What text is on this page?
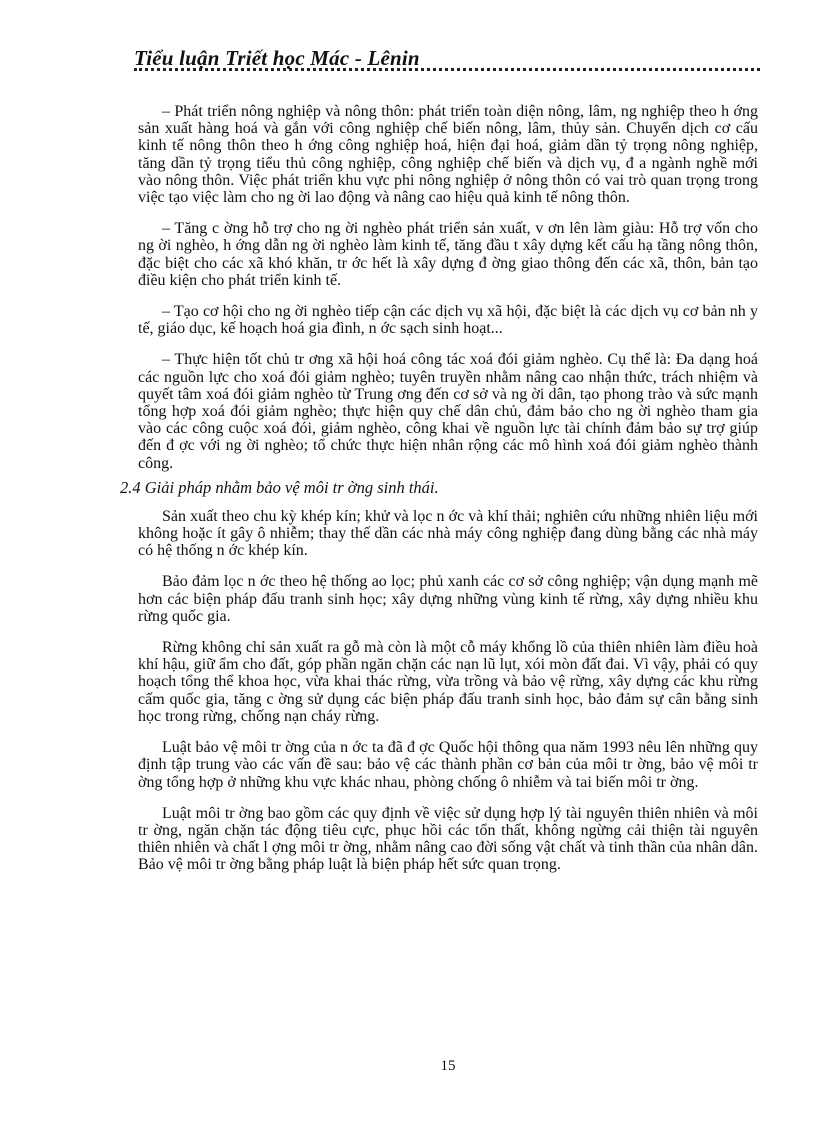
Tiểu luận Triết học Mác - Lênin

– Phát triển nông nghiệp và nông thôn: phát triển toàn diện nông, lâm, ng nghiệp theo h ớng sản xuất hàng hoá và gắn với công nghiệp chế biến nông, lâm, thủy sản. Chuyển dịch cơ cấu kinh tế nông thôn theo h ớng công nghiệp hoá, hiện đại hoá, giảm dần tỷ trọng nông nghiệp, tăng dần tỷ trọng tiểu thủ công nghiệp, công nghiệp chế biến và dịch vụ, đ a ngành nghề mới vào nông thôn. Việc phát triển khu vực phi nông nghiệp ở nông thôn có vai trò quan trọng trong việc tạo việc làm cho ng ời lao động và nâng cao hiệu quả kinh tế nông thôn.

– Tăng c ờng hỗ trợ cho ng ời nghèo phát triển sản xuất, v ơn lên làm giàu: Hỗ trợ vốn cho ng ời nghèo, h ớng dẫn ng ời nghèo làm kinh tế, tăng đầu t xây dựng kết cấu hạ tầng nông thôn, đặc biệt cho các xã khó khăn, tr ớc hết là xây dựng đ ờng giao thông đến các xã, thôn, bản tạo điều kiện cho phát triển kinh tế.

– Tạo cơ hội cho ng ời nghèo tiếp cận các dịch vụ xã hội, đặc biệt là các dịch vụ cơ bản nh y tế, giáo dục, kế hoạch hoá gia đình, n ớc sạch sinh hoạt...

– Thực hiện tốt chủ tr ơng xã hội hoá công tác xoá đói giảm nghèo. Cụ thể là: Đa dạng hoá các nguồn lực cho xoá đói giảm nghèo; tuyên truyền nhằm nâng cao nhận thức, trách nhiệm và quyết tâm xoá đói giảm nghèo từ Trung ơng đến cơ sở và ng ời dân, tạo phong trào và sức mạnh tổng hợp xoá đói giảm nghèo; thực hiện quy chế dân chủ, đảm bảo cho ng ời nghèo tham gia vào các công cuộc xoá đói, giảm nghèo, công khai về nguồn lực tài chính đảm bảo sự trợ giúp đến đ ợc với ng ời nghèo; tổ chức thực hiện nhân rộng các mô hình xoá đói giảm nghèo thành công.

2.4 Giải pháp nhằm bảo vệ môi tr ờng sinh thái.

Sản xuất theo chu kỳ khép kín; khử và lọc n ớc và khí thải; nghiên cứu những nhiên liệu mới không hoặc ít gây ô nhiễm; thay thế dần các nhà máy công nghiệp đang dùng bằng các nhà máy có hệ thống n ớc khép kín.

Bảo đảm lọc n ớc theo hệ thống ao lọc; phủ xanh các cơ sở công nghiệp; vận dụng mạnh mẽ hơn các biện pháp đấu tranh sinh học; xây dựng những vùng kinh tế rừng, xây dựng nhiều khu rừng quốc gia.

Rừng không chỉ sản xuất ra gỗ mà còn là một cỗ máy khổng lồ của thiên nhiên làm điều hoà khí hậu, giữ ẩm cho đất, góp phần ngăn chặn các nạn lũ lụt, xói mòn đất đai. Vì vậy, phải có quy hoạch tổng thể khoa học, vừa khai thác rừng, vừa trồng và bảo vệ rừng, xây dựng các khu rừng cấm quốc gia, tăng c ờng sử dụng các biện pháp đấu tranh sinh học, bảo đảm sự cân bằng sinh học trong rừng, chống nạn cháy rừng.

Luật bảo vệ môi tr ờng của n ớc ta đã đ ợc Quốc hội thông qua năm 1993 nêu lên những quy định tập trung vào các vấn đề sau: bảo vệ các thành phần cơ bản của môi tr ờng, bảo vệ môi tr ờng tổng hợp ở những khu vực khác nhau, phòng chống ô nhiễm và tai biến môi tr ờng.

Luật môi tr ờng bao gồm các quy định về việc sử dụng hợp lý tài nguyên thiên nhiên và môi tr ờng, ngăn chặn tác động tiêu cực, phục hồi các tổn thất, không ngừng cải thiện tài nguyên thiên nhiên và chất l ợng môi tr ờng, nhằm nâng cao đời sống vật chất và tinh thần của nhân dân. Bảo vệ môi tr ờng bằng pháp luật là biện pháp hết sức quan trọng.

15
